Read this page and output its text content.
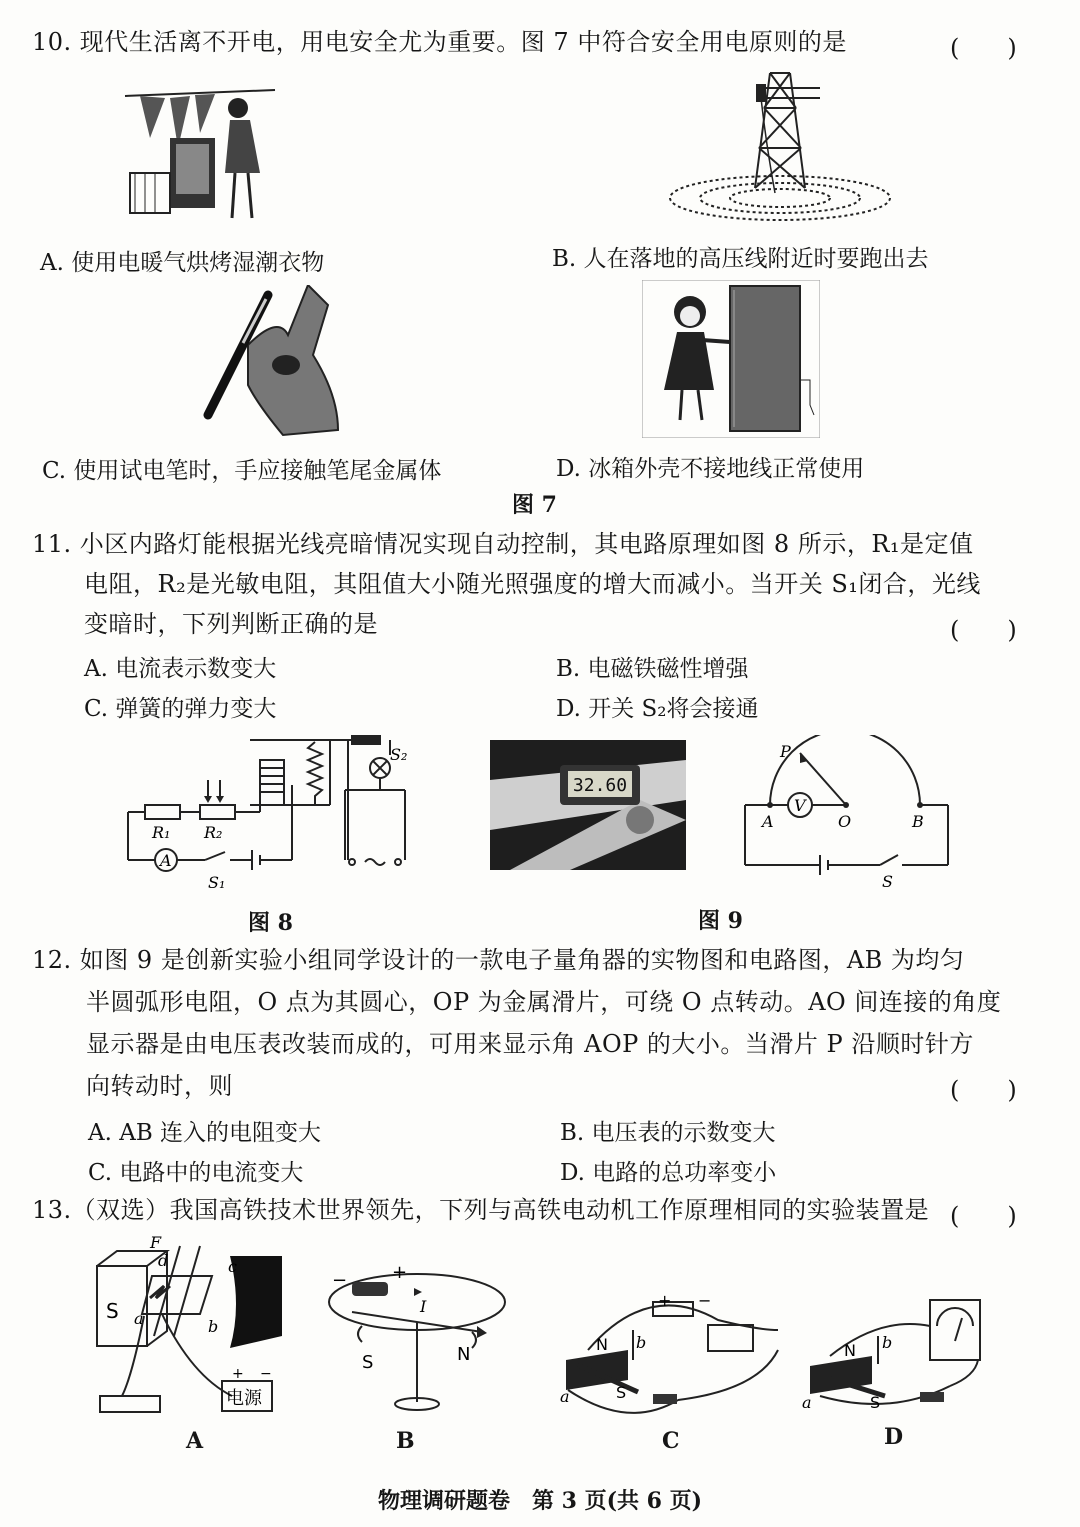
10. 现代生活离不开电，用电安全尤为重要。图 7 中符合安全用电原则的是	(　　)
A. 使用电暖气烘烤湿潮衣物	B. 人在落地的高压线附近时要跑出去
C. 使用试电笔时，手应接触笔尾金属体	D. 冰箱外壳不接地线正常使用
图 7
11. 小区内路灯能根据光线亮暗情况实现自动控制，其电路原理如图 8 所示，R₁是定值
电阻，R₂是光敏电阻，其阻值大小随光照强度的增大而减小。当开关 S₁闭合，光线
变暗时，下列判断正确的是	(　　)
A. 电流表示数变大	B. 电磁铁磁性增强
C. 弹簧的弹力变大	D. 开关 S₂将会接通
R₁ R₂
A
S₁
S₂
图 8
32.60
P
A
V
O	B
S
图 9
12. 如图 9 是创新实验小组同学设计的一款电子量角器的实物图和电路图，AB 为均匀
半圆弧形电阻，O 点为其圆心，OP 为金属滑片，可绕 O 点转动。AO 间连接的角度
显示器是由电压表改装而成的，可用来显示角 AOP 的大小。当滑片 P 沿顺时针方
向转动时，则	(　　)
A. AB 连入的电阻变大	B. 电压表的示数变大
C. 电路中的电流变大	D. 电路的总功率变小
13.（双选）我国高铁技术世界领先，下列与高铁电动机工作原理相同的实验装置是 (　　)
F
d	c
a	b
S
电源
+ −
− +
I
S	N	N b
S
a
+ −
N b
S
a
A	B	C	D
物理调研题卷　第 3 页(共 6 页)
